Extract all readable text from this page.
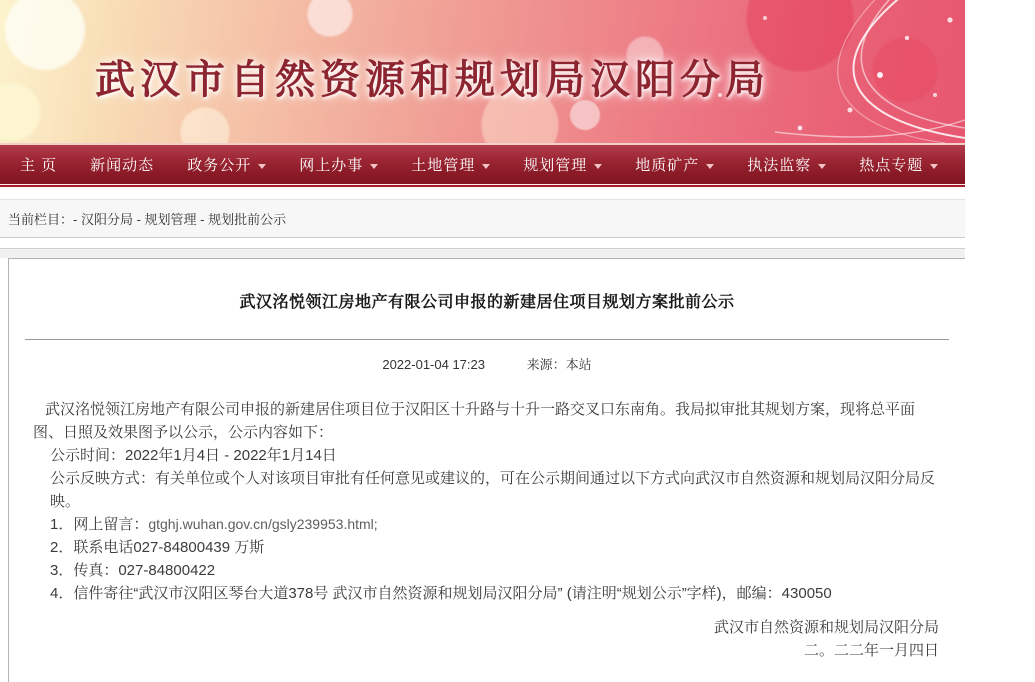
武汉市自然资源和规划局汉阳分局
主 页 新闻动态 政务公开	网上办事	土地管理	规划管理	地质矿产	执法监察	热点专题	网上信箱
当前栏目： - 汉阳分局 - 规划管理 - 规划批前公示
武汉洺悦领江房地产有限公司申报的新建居住项目规划方案批前公示
2022-01-04 17:23	来源：本站
武汉洺悦领江房地产有限公司申报的新建居住项目位于汉阳区十升路与十升一路交叉口东南角。我局拟审批其规划方案，现将总平面图、日照及效果图予以公示，公示内容如下：
公示时间：2022年1月4日 - 2022年1月14日
公示反映方式：有关单位或个人对该项目审批有任何意见或建议的，可在公示期间通过以下方式向武汉市自然资源和规划局汉阳分局反映。
1．网上留言：gtghj.wuhan.gov.cn/gsly239953.html;
2．联系电话027-84800439 万斯
3．传真：027-84800422
4．信件寄往“武汉市汉阳区琴台大道378号 武汉市自然资源和规划局汉阳分局” (请注明“规划公示”字样)，邮编：430050
武汉市自然资源和规划局汉阳分局
二。二二年一月四日
